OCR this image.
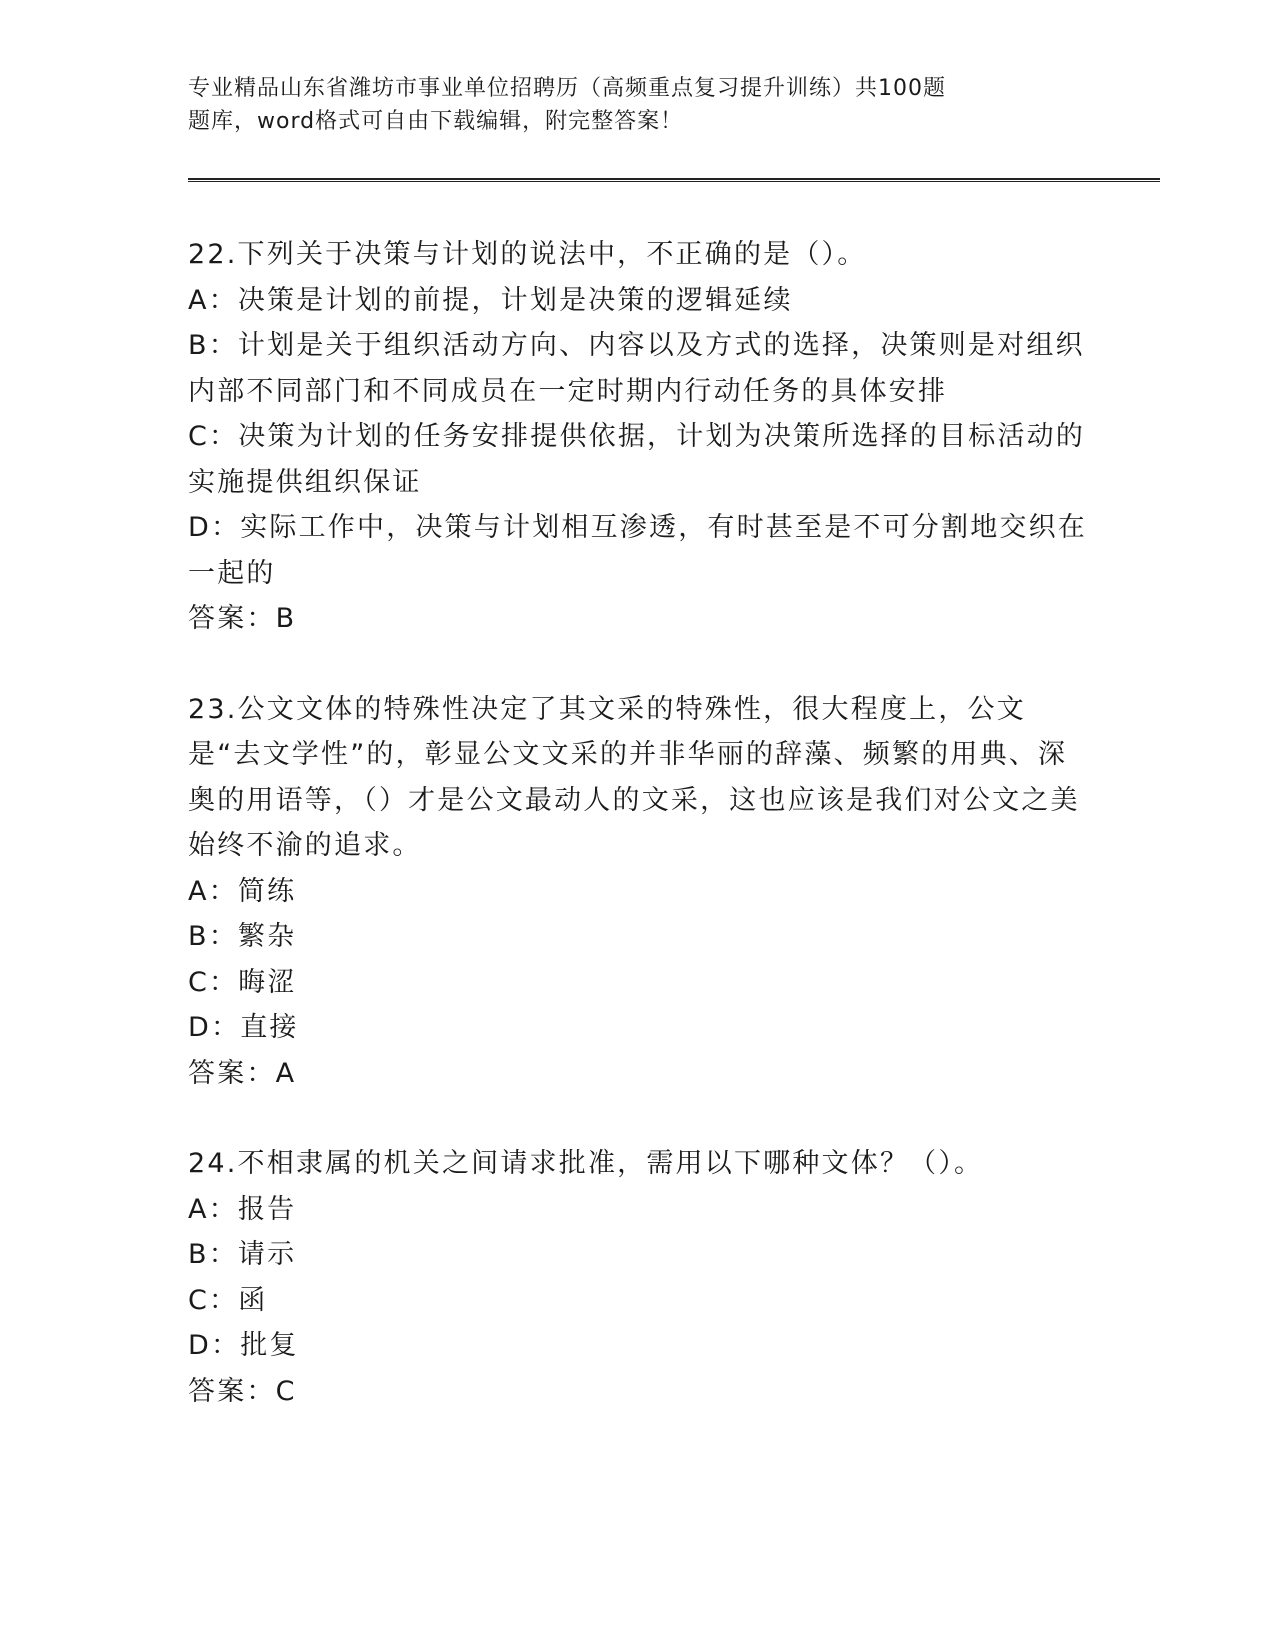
专业精品山东省潍坊市事业单位招聘历（高频重点复习提升训练）共100题
题库，word格式可自由下载编辑，附完整答案！

22.下列关于决策与计划的说法中，不正确的是（）。

A：决策是计划的前提，计划是决策的逻辑延续

B：计划是关于组织活动方向、内容以及方式的选择，决策则是对组织内部不同部门和不同成员在一定时期内行动任务的具体安排

C：决策为计划的任务安排提供依据，计划为决策所选择的目标活动的实施提供组织保证

D：实际工作中，决策与计划相互渗透，有时甚至是不可分割地交织在一起的

答案：B

23.公文文体的特殊性决定了其文采的特殊性，很大程度上，公文是“去文学性”的，彰显公文文采的并非华丽的辞藻、频繁的用典、深奥的用语等，（）才是公文最动人的文采，这也应该是我们对公文之美始终不渝的追求。

A：简练

B：繁杂

C：晦涩

D：直接

答案：A

24.不相隶属的机关之间请求批准，需用以下哪种文体？（）。

A：报告

B：请示

C：函

D：批复

答案：C
